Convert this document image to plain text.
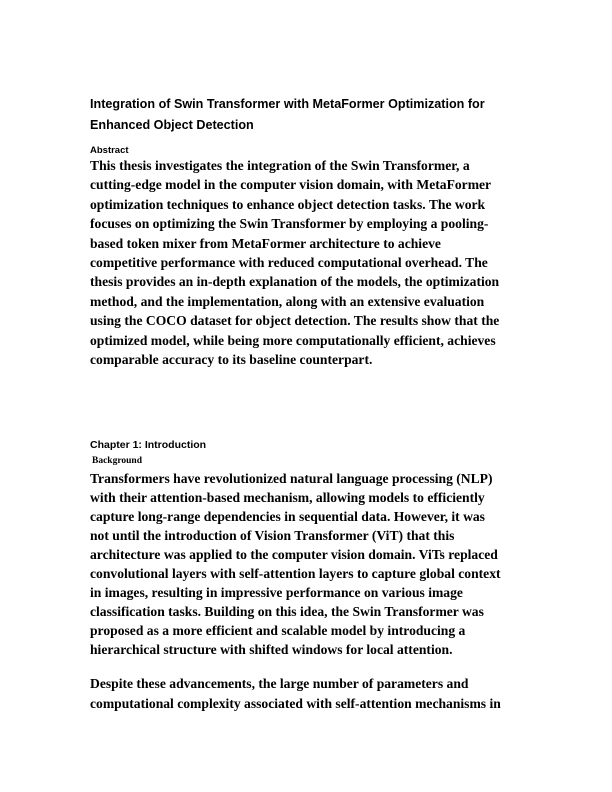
Integration of Swin Transformer with MetaFormer Optimization for
Enhanced Object Detection
Abstract
This thesis investigates the integration of the Swin Transformer, a
cutting-edge model in the computer vision domain, with MetaFormer
optimization techniques to enhance object detection tasks. The work
focuses on optimizing the Swin Transformer by employing a pooling-
based token mixer from MetaFormer architecture to achieve
competitive performance with reduced computational overhead. The
thesis provides an in-depth explanation of the models, the optimization
method, and the implementation, along with an extensive evaluation
using the COCO dataset for object detection. The results show that the
optimized model, while being more computationally efficient, achieves
comparable accuracy to its baseline counterpart.
Chapter 1: Introduction
Background
Transformers have revolutionized natural language processing (NLP)
with their attention-based mechanism, allowing models to efficiently
capture long-range dependencies in sequential data. However, it was
not until the introduction of Vision Transformer (ViT) that this
architecture was applied to the computer vision domain. ViTs replaced
convolutional layers with self-attention layers to capture global context
in images, resulting in impressive performance on various image
classification tasks. Building on this idea, the Swin Transformer was
proposed as a more efficient and scalable model by introducing a
hierarchical structure with shifted windows for local attention.
Despite these advancements, the large number of parameters and
computational complexity associated with self-attention mechanisms in
